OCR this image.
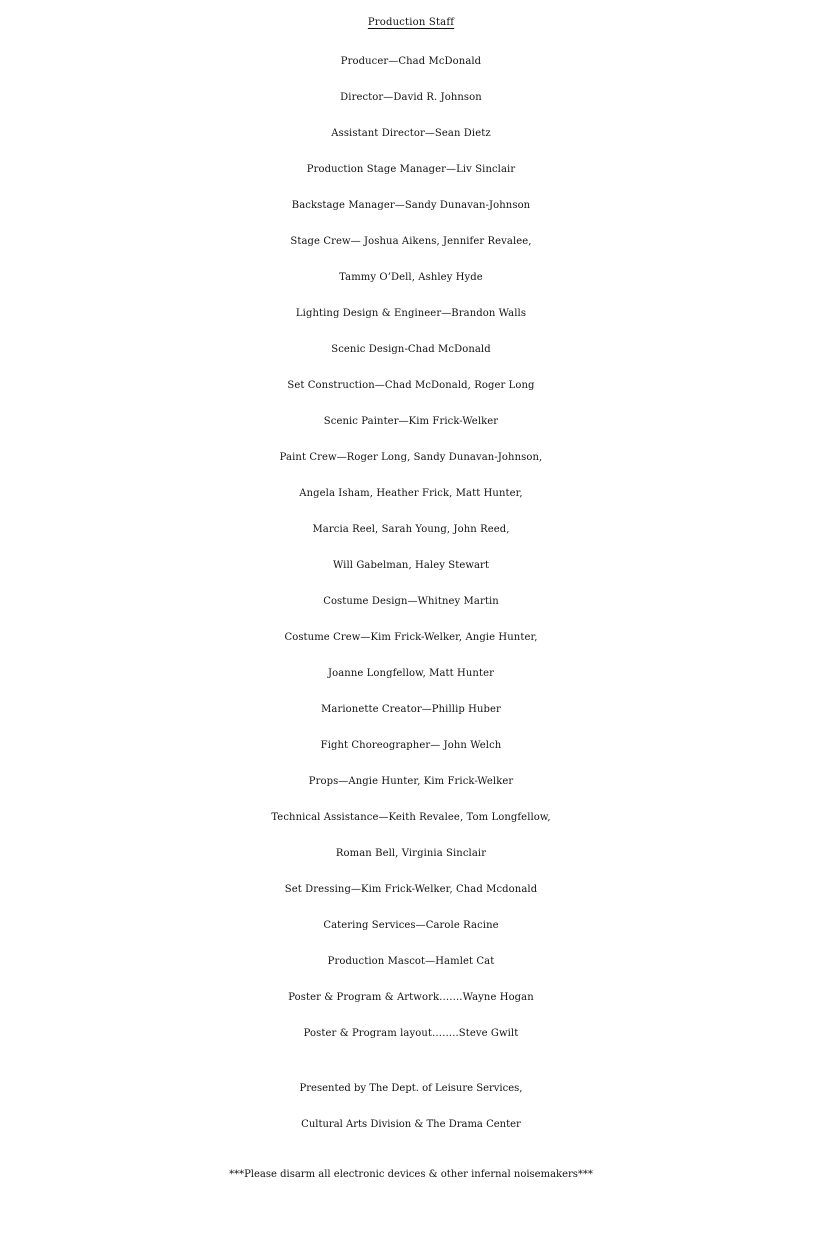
Production Staff
Producer—Chad McDonald
Director—David R. Johnson
Assistant Director—Sean Dietz
Production Stage Manager—Liv Sinclair
Backstage Manager—Sandy Dunavan-Johnson
Stage Crew— Joshua Aikens, Jennifer Revalee,
Tammy O’Dell, Ashley Hyde
Lighting Design & Engineer—Brandon Walls
Scenic Design-Chad McDonald
Set Construction—Chad McDonald, Roger Long
Scenic Painter—Kim Frick-Welker
Paint Crew—Roger Long, Sandy Dunavan-Johnson,
Angela Isham, Heather Frick, Matt Hunter,
Marcia Reel, Sarah Young, John Reed,
Will Gabelman, Haley Stewart
Costume Design—Whitney Martin
Costume Crew—Kim Frick-Welker, Angie Hunter,
Joanne Longfellow, Matt Hunter
Marionette Creator—Phillip Huber
Fight Choreographer— John Welch
Props—Angie Hunter, Kim Frick-Welker
Technical Assistance—Keith Revalee, Tom Longfellow,
Roman Bell, Virginia Sinclair
Set Dressing—Kim Frick-Welker, Chad Mcdonald
Catering Services—Carole Racine
Production Mascot—Hamlet Cat
Poster & Program & Artwork…….Wayne Hogan
Poster & Program layout……..Steve Gwilt
Presented by The Dept. of Leisure Services,
Cultural Arts Division & The Drama Center
***Please disarm all electronic devices & other infernal noisemakers***
